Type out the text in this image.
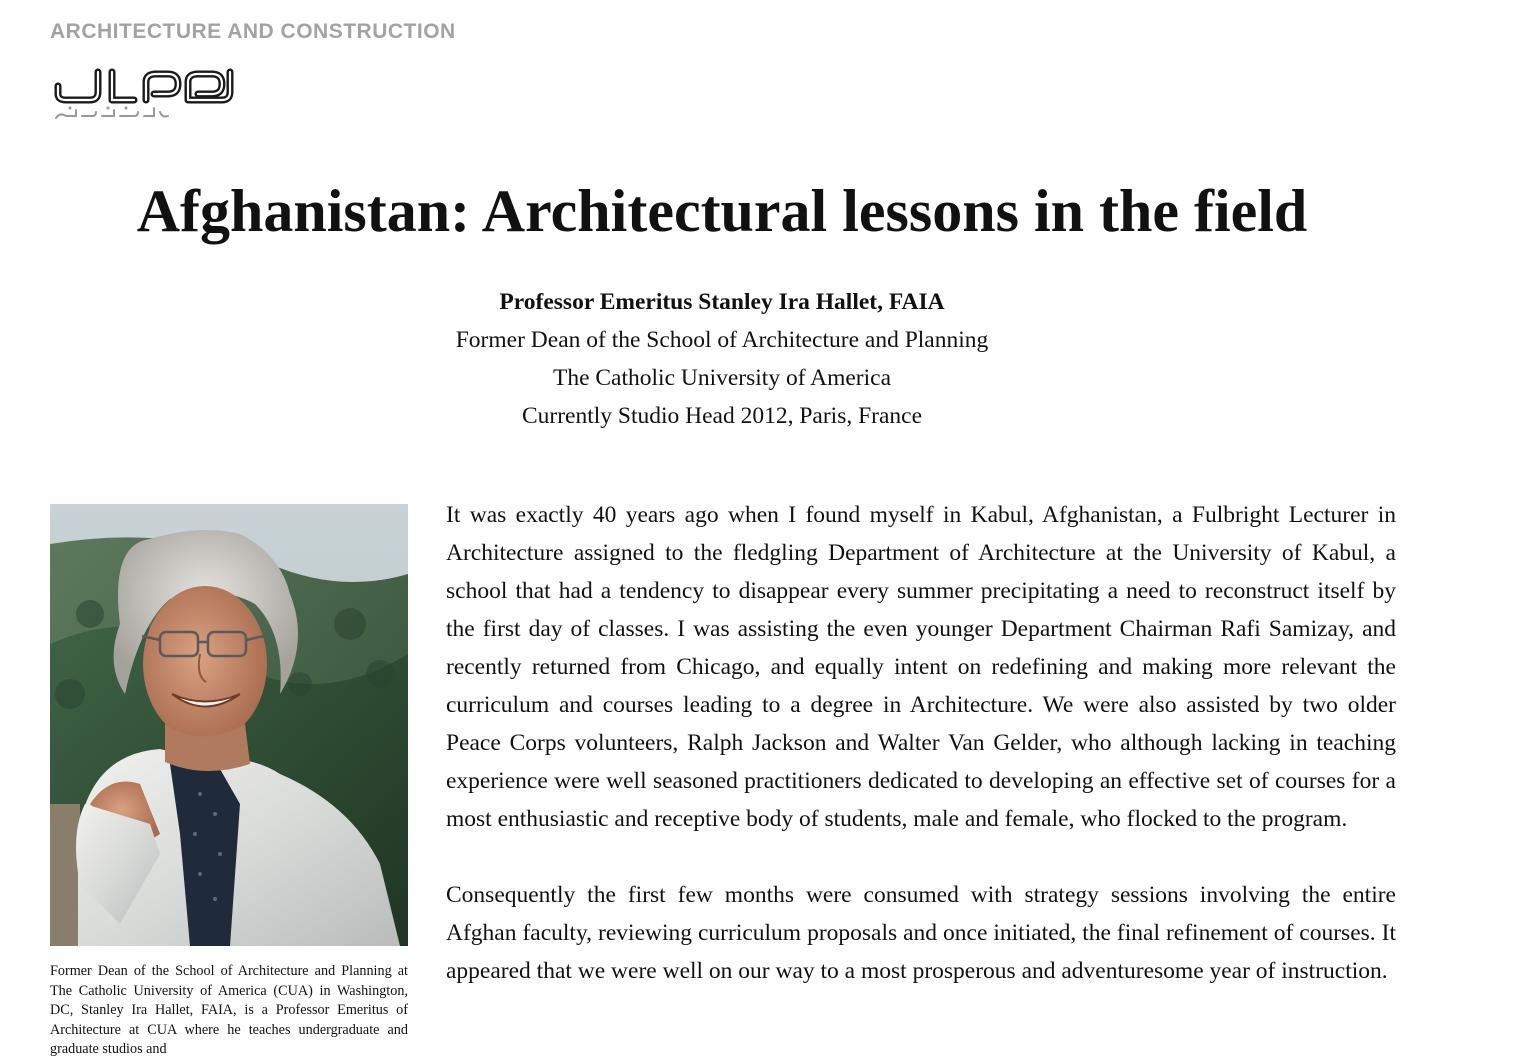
ARCHITECTURE AND CONSTRUCTION
Afghanistan: Architectural lessons in the field
Professor Emeritus Stanley Ira Hallet, FAIA
Former Dean of the School of Architecture and Planning
The Catholic University of America
Currently Studio Head 2012, Paris, France
Former Dean of the School of Architecture and Planning at The Catholic University of America (CUA) in Washington, DC, Stanley Ira Hallet, FAIA, is a Professor Emeritus of Architecture at CUA where he teaches undergraduate and graduate studios and

It was exactly 40 years ago when I found myself in Kabul, Afghanistan, a Fulbright Lecturer in Architecture assigned to the fledgling Department of Architecture at the University of Kabul, a school that had a tendency to disappear every summer precipitating a need to reconstruct itself by the first day of classes. I was assisting the even younger Department Chairman Rafi Samizay, and recently returned from Chicago, and equally intent on redefining and making more relevant the curriculum and courses leading to a degree in Architecture. We were also assisted by two older Peace Corps volunteers, Ralph Jackson and Walter Van Gelder, who although lacking in teaching experience were well seasoned practitioners dedicated to developing an effective set of courses for a most enthusiastic and receptive body of students, male and female, who flocked to the program.

Consequently the first few months were consumed with strategy sessions involving the entire Afghan faculty, reviewing curriculum proposals and once initiated, the final refinement of courses. It appeared that we were well on our way to a most prosperous and adventuresome year of instruction.
